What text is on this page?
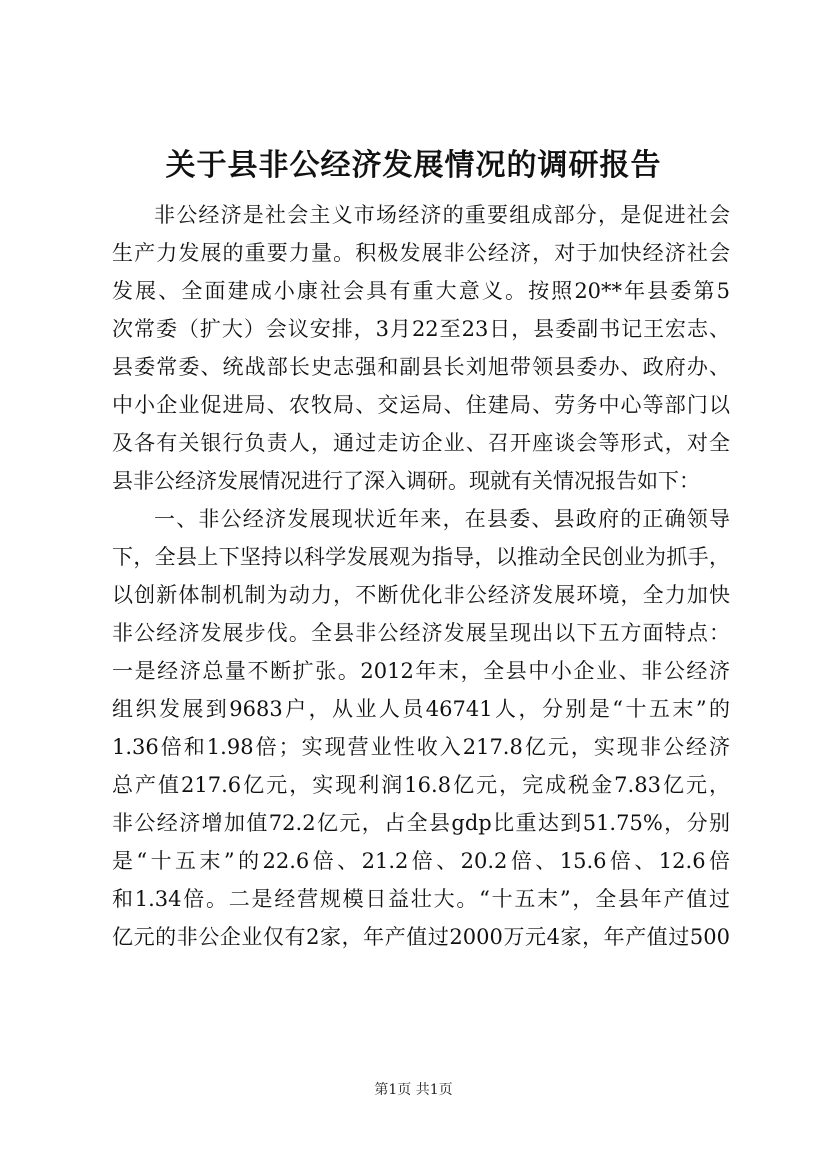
关于县非公经济发展情况的调研报告
非公经济是社会主义市场经济的重要组成部分，是促进社会
生产力发展的重要力量。积极发展非公经济，对于加快经济社会
发展、全面建成小康社会具有重大意义。按照20**年县委第5
次常委（扩大）会议安排，3月22至23日，县委副书记王宏志、
县委常委、统战部长史志强和副县长刘旭带领县委办、政府办、
中小企业促进局、农牧局、交运局、住建局、劳务中心等部门以
及各有关银行负责人，通过走访企业、召开座谈会等形式，对全
县非公经济发展情况进行了深入调研。现就有关情况报告如下：
一、非公经济发展现状近年来，在县委、县政府的正确领导
下，全县上下坚持以科学发展观为指导，以推动全民创业为抓手，
以创新体制机制为动力，不断优化非公经济发展环境，全力加快
非公经济发展步伐。全县非公经济发展呈现出以下五方面特点：
一是经济总量不断扩张。2012年末，全县中小企业、非公经济
组织发展到9683户，从业人员46741人，分别是“十五末”的
1.36倍和1.98倍；实现营业性收入217.8亿元，实现非公经济
总产值217.6亿元，实现利润16.8亿元，完成税金7.83亿元，
非公经济增加值72.2亿元，占全县gdp比重达到51.75%，分别
是“十五末”的22.6倍、21.2倍、20.2倍、15.6倍、12.6倍
和1.34倍。二是经营规模日益壮大。“十五末”，全县年产值过
亿元的非公企业仅有2家，年产值过2000万元4家，年产值过500
第1页 共1页
